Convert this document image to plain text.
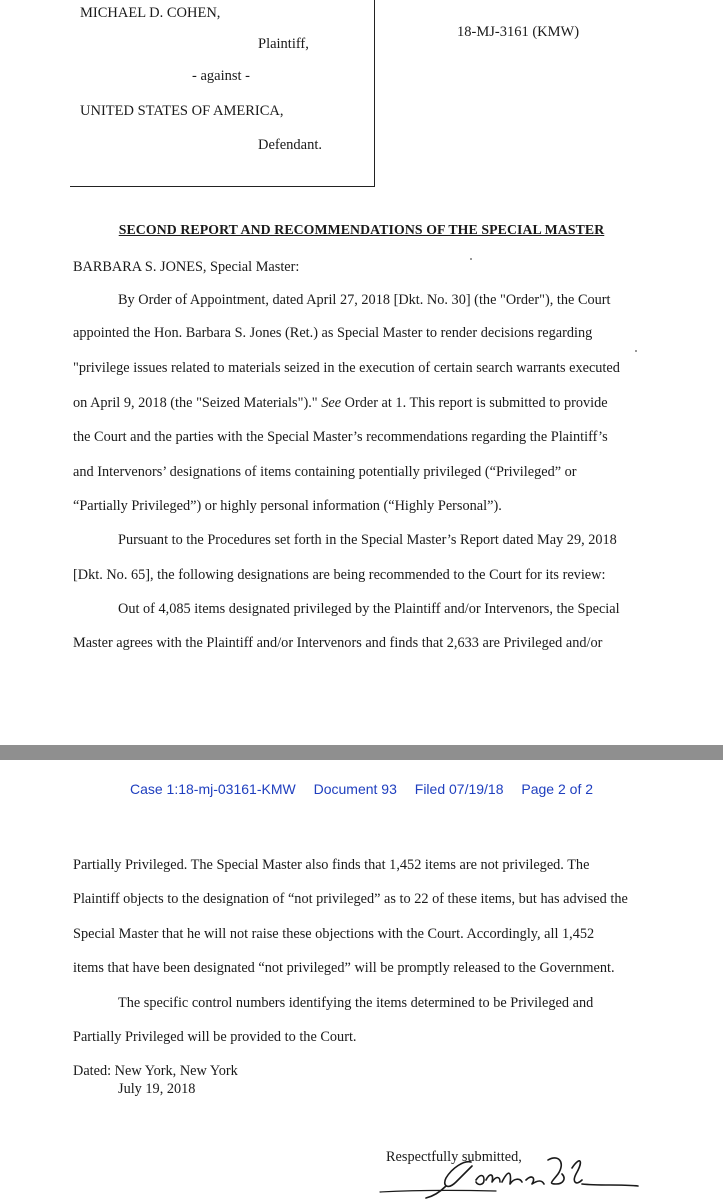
MICHAEL D. COHEN,
Plaintiff,
- against -
UNITED STATES OF AMERICA,
Defendant.
18-MJ-3161 (KMW)
SECOND REPORT AND RECOMMENDATIONS OF THE SPECIAL MASTER
BARBARA S. JONES, Special Master:
By Order of Appointment, dated April 27, 2018 [Dkt. No. 30] (the "Order"), the Court
appointed the Hon. Barbara S. Jones (Ret.) as Special Master to render decisions regarding
"privilege issues related to materials seized in the execution of certain search warrants executed
on April 9, 2018 (the "Seized Materials")." See Order at 1. This report is submitted to provide
the Court and the parties with the Special Master’s recommendations regarding the Plaintiff’s
and Intervenors’ designations of items containing potentially privileged (“Privileged” or
“Partially Privileged”) or highly personal information (“Highly Personal”).
Pursuant to the Procedures set forth in the Special Master’s Report dated May 29, 2018
[Dkt. No. 65], the following designations are being recommended to the Court for its review:
Out of 4,085 items designated privileged by the Plaintiff and/or Intervenors, the Special
Master agrees with the Plaintiff and/or Intervenors and finds that 2,633 are Privileged and/or
Case 1:18-mj-03161-KMW Document 93 Filed 07/19/18 Page 2 of 2
Partially Privileged. The Special Master also finds that 1,452 items are not privileged. The
Plaintiff objects to the designation of “not privileged” as to 22 of these items, but has advised the
Special Master that he will not raise these objections with the Court. Accordingly, all 1,452
items that have been designated “not privileged” will be promptly released to the Government.
The specific control numbers identifying the items determined to be Privileged and
Partially Privileged will be provided to the Court.
Dated: New York, New York
July 19, 2018
Respectfully submitted,
